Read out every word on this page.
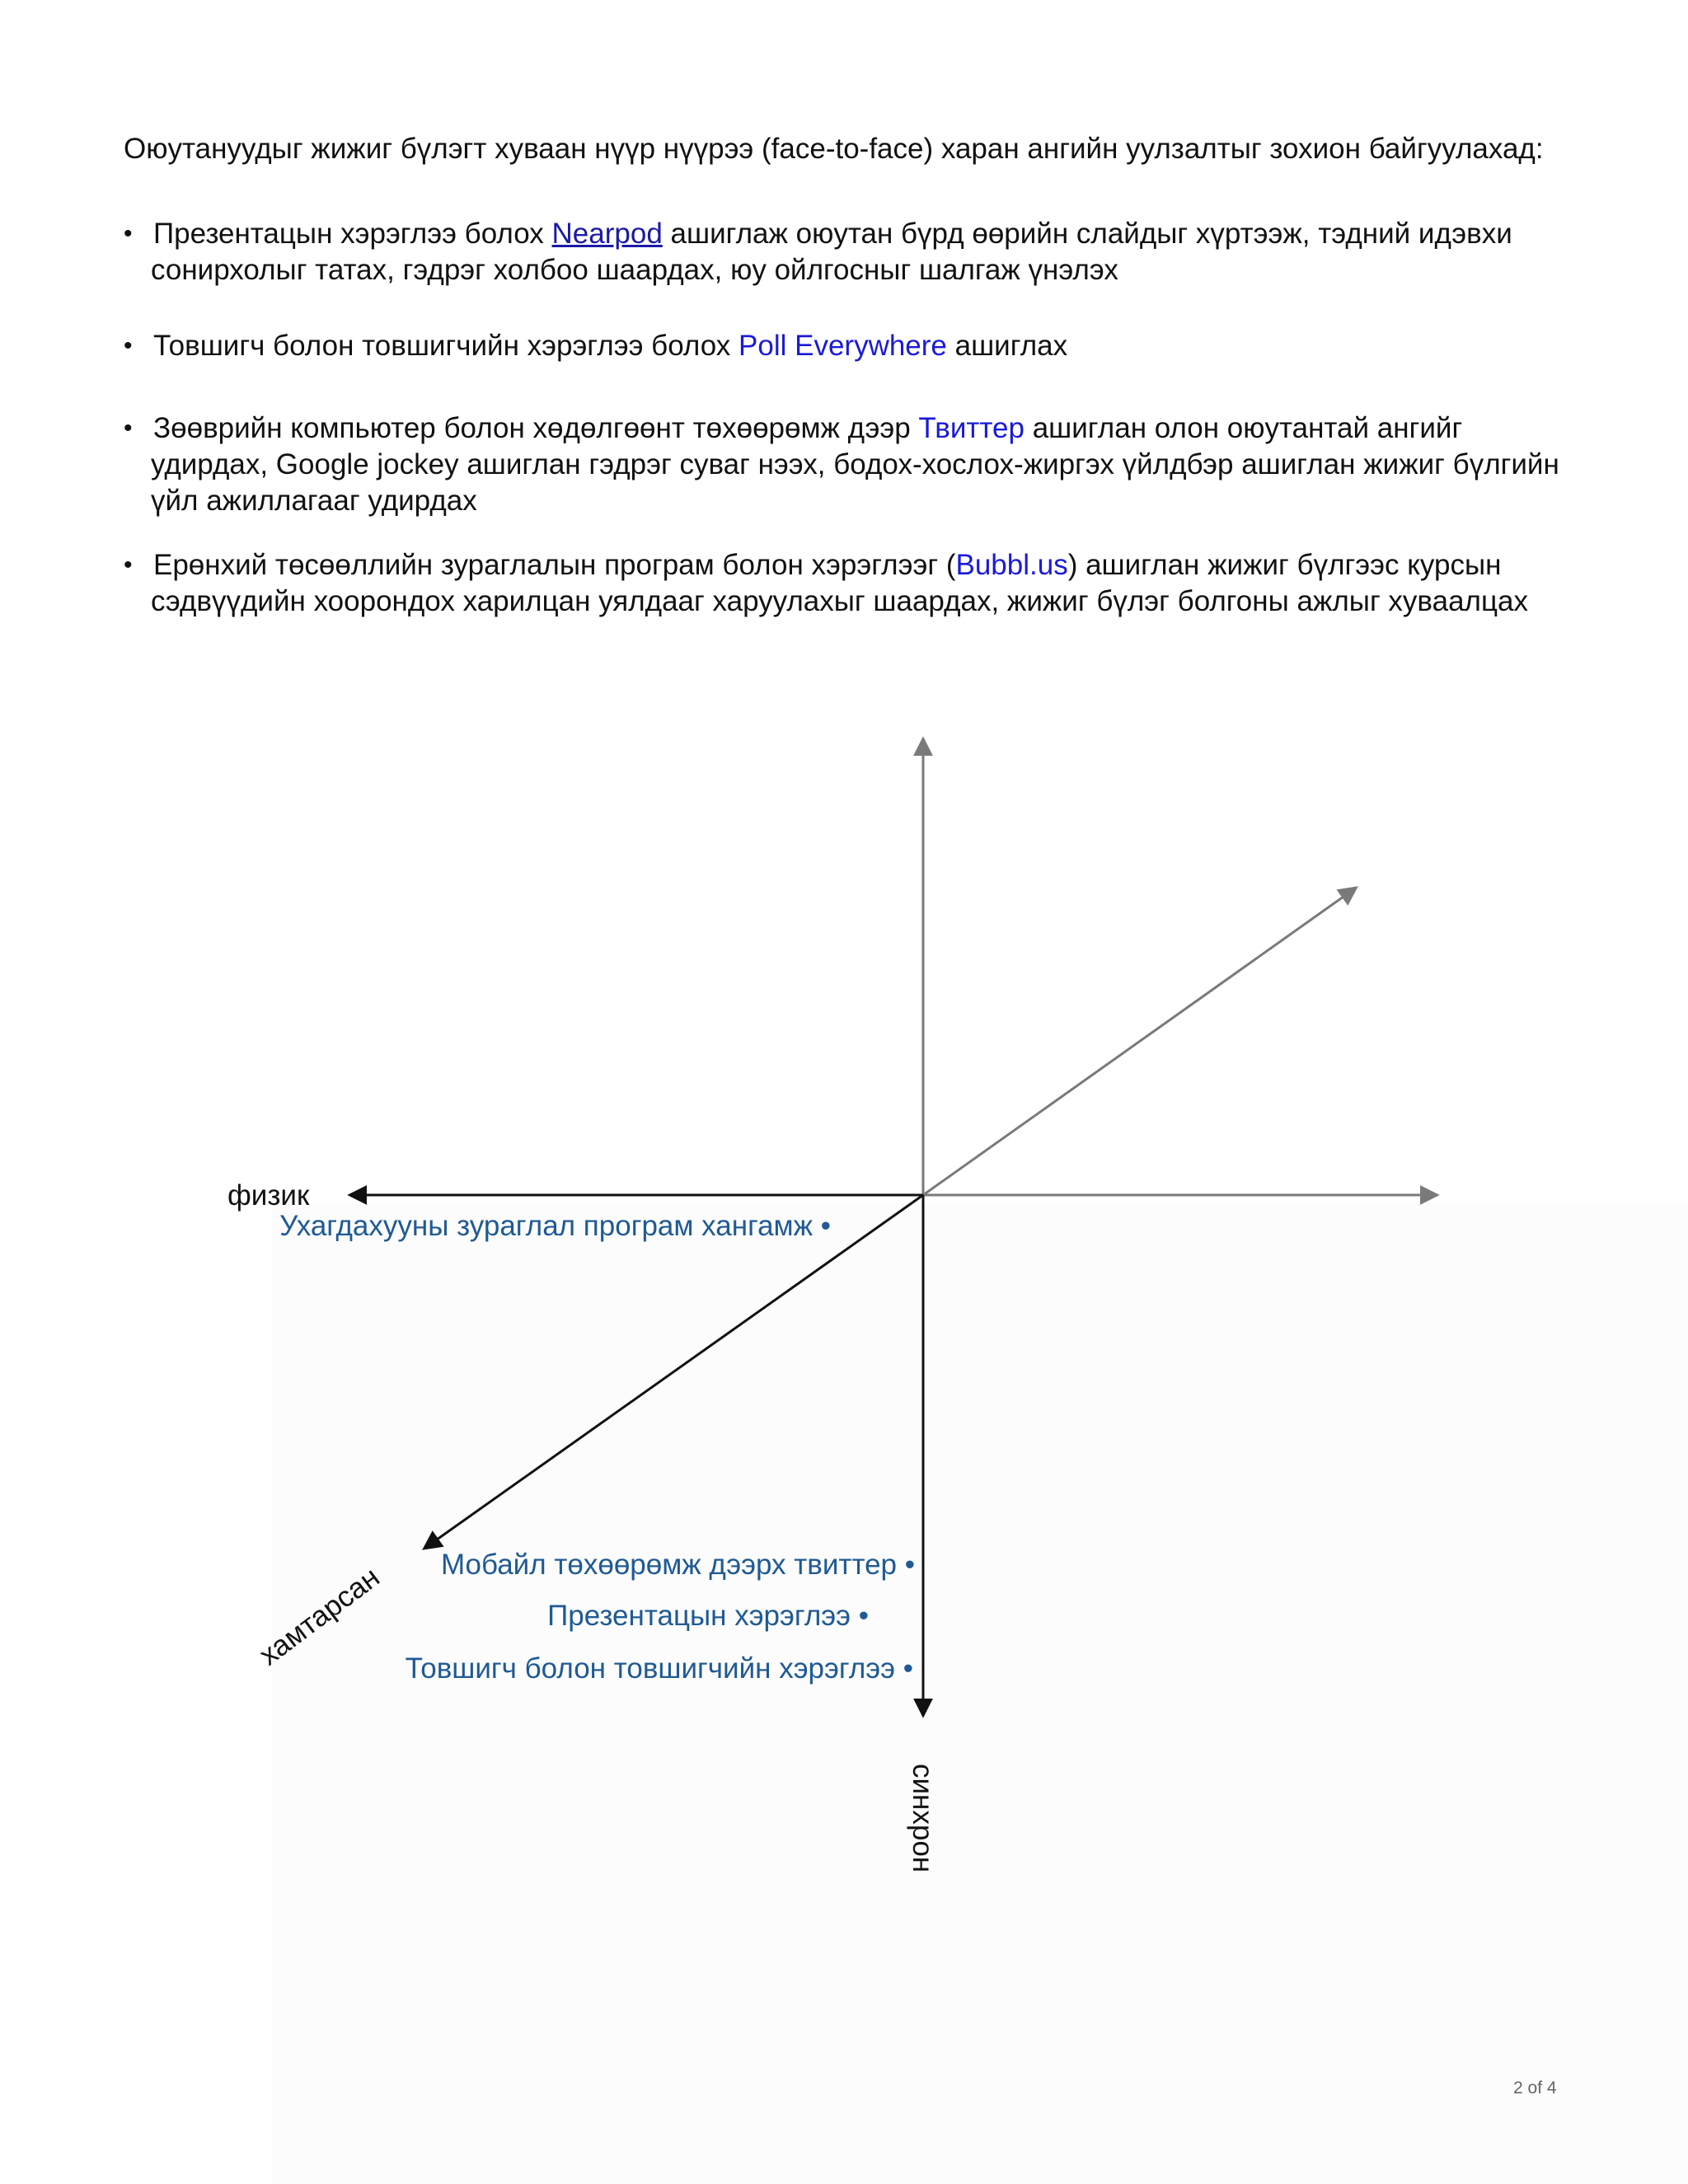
Оюутануудыг жижиг бүлэгт хуваан нүүр нүүрээ (face-to-face) харан ангийн уулзалтыг зохион байгуулахад:
• Презентацын хэрэглээ болох Nearpod ашиглаж оюутан бүрд өөрийн слайдыг хүртээж, тэдний идэвхи
сонирхолыг татах, гэдрэг холбоо шаардах, юу ойлгосныг шалгаж үнэлэх
• Товшигч болон товшигчийн хэрэглээ болох Poll Everywhere ашиглах
• Зөөврийн компьютер болон хөдөлгөөнт төхөөрөмж дээр Твиттер ашиглан олон оюутантай ангийг
удирдах, Google jockey ашиглан гэдрэг суваг нээх, бодох-хослох-жиргэх үйлдбэр ашиглан жижиг бүлгийн
үйл ажиллагааг удирдах
• Ерөнхий төсөөллийн зураглалын програм болон хэрэглээг (Bubbl.us) ашиглан жижиг бүлгээс курсын
сэдвүүдийн хоорондох харилцан уялдааг харуулахыг шаардах, жижиг бүлэг болгоны ажлыг хуваалцах
физик
хамтарсан
синхрон
Ухагдахууны зураглал програм хангамж •
Мобайл төхөөрөмж дээрх твиттер •
Презентацын хэрэглээ •
Товшигч болон товшигчийн хэрэглээ •
2 of 4
